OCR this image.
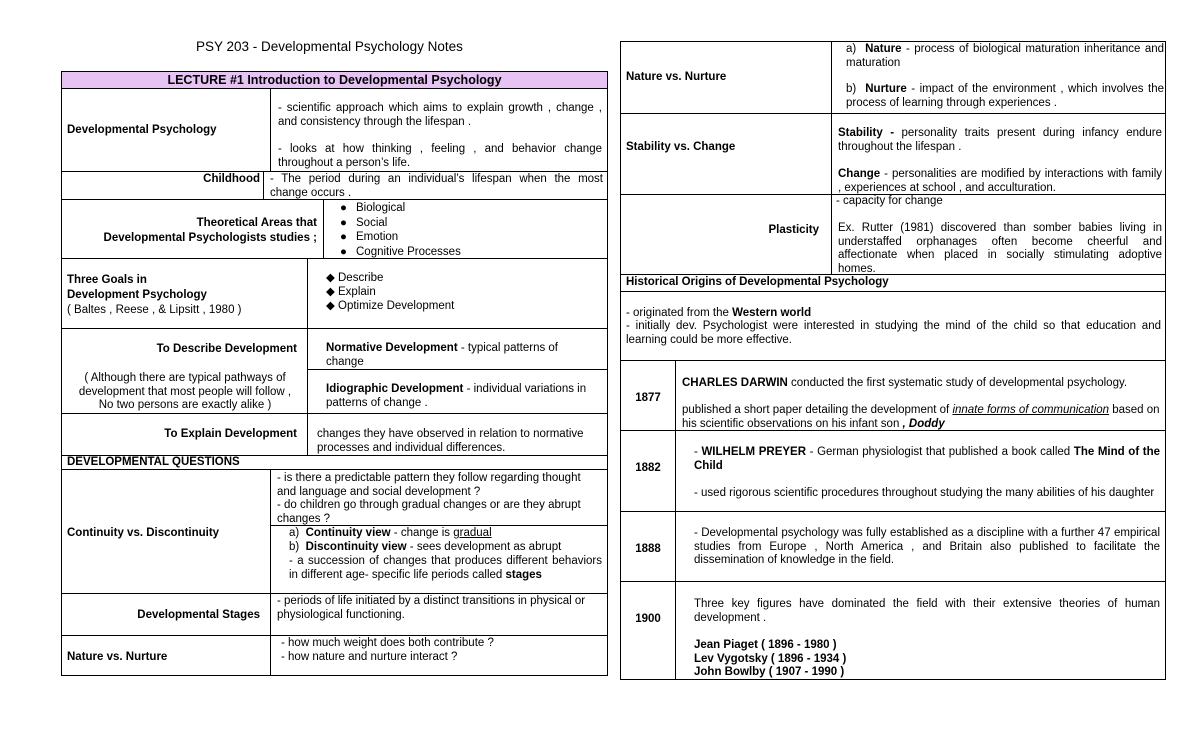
PSY 203 - Developmental Psychology Notes
LECTURE #1 Introduction to Developmental Psychology
Developmental Psychology
- scientific approach which aims to explain growth , change , and consistency through the lifespan .
- looks at how thinking , feeling , and behavior change throughout a person’s life.
Childhood - The period during an individual’s lifespan when the most change occurs .
Theoretical Areas that
Developmental Psychologists studies ;
● Biological
● Social
● Emotion
● Cognitive Processes
Three Goals in
Development Psychology
( Baltes , Reese , & Lipsitt , 1980 )
◆ Describe
◆ Explain
◆ Optimize Development
To Describe Development
( Although there are typical pathways of development that most people will follow , No two persons are exactly alike )
Normative Development - typical patterns of change
Idiographic Development - individual variations in patterns of change .
To Explain Development	changes they have observed in relation to normative processes and individual differences.
DEVELOPMENTAL QUESTIONS
Continuity vs. Discontinuity
- is there a predictable pattern they follow regarding thought and language and social development ?
- do children go through gradual changes or are they abrupt changes ?
a) Continuity view - change is gradual
b) Discontinuity view - sees development as abrupt
- a succession of changes that produces different behaviors in different age- specific life periods called stages
Developmental Stages
- periods of life initiated by a distinct transitions in physical or physiological functioning.
Nature vs. Nurture
- how much weight does both contribute ?
- how nature and nurture interact ?
Nature vs. Nurture
a) Nature - process of biological maturation inheritance and maturation
b) Nurture - impact of the environment , which involves the process of learning through experiences .
Stability vs. Change
Stability - personality traits present during infancy endure throughout the lifespan .
Change - personalities are modified by interactions with family , experiences at school , and acculturation.
Plasticity
- capacity for change
Ex. Rutter (1981) discovered than somber babies living in understaffed orphanages often become cheerful and affectionate when placed in socially stimulating adoptive homes.
Historical Origins of Developmental Psychology
- originated from the Western world
- initially dev. Psychologist were interested in studying the mind of the child so that education and learning could be more effective.
1877
CHARLES DARWIN conducted the first systematic study of developmental psychology.
published a short paper detailing the development of innate forms of communication based on his scientific observations on his infant son , Doddy
1882
- WILHELM PREYER - German physiologist that published a book called The Mind of the Child
- used rigorous scientific procedures throughout studying the many abilities of his daughter
1888
- Developmental psychology was fully established as a discipline with a further 47 empirical studies from Europe , North America , and Britain also published to facilitate the dissemination of knowledge in the field.
1900
Three key figures have dominated the field with their extensive theories of human development .
Jean Piaget ( 1896 - 1980 )
Lev Vygotsky ( 1896 - 1934 )
John Bowlby ( 1907 - 1990 )
